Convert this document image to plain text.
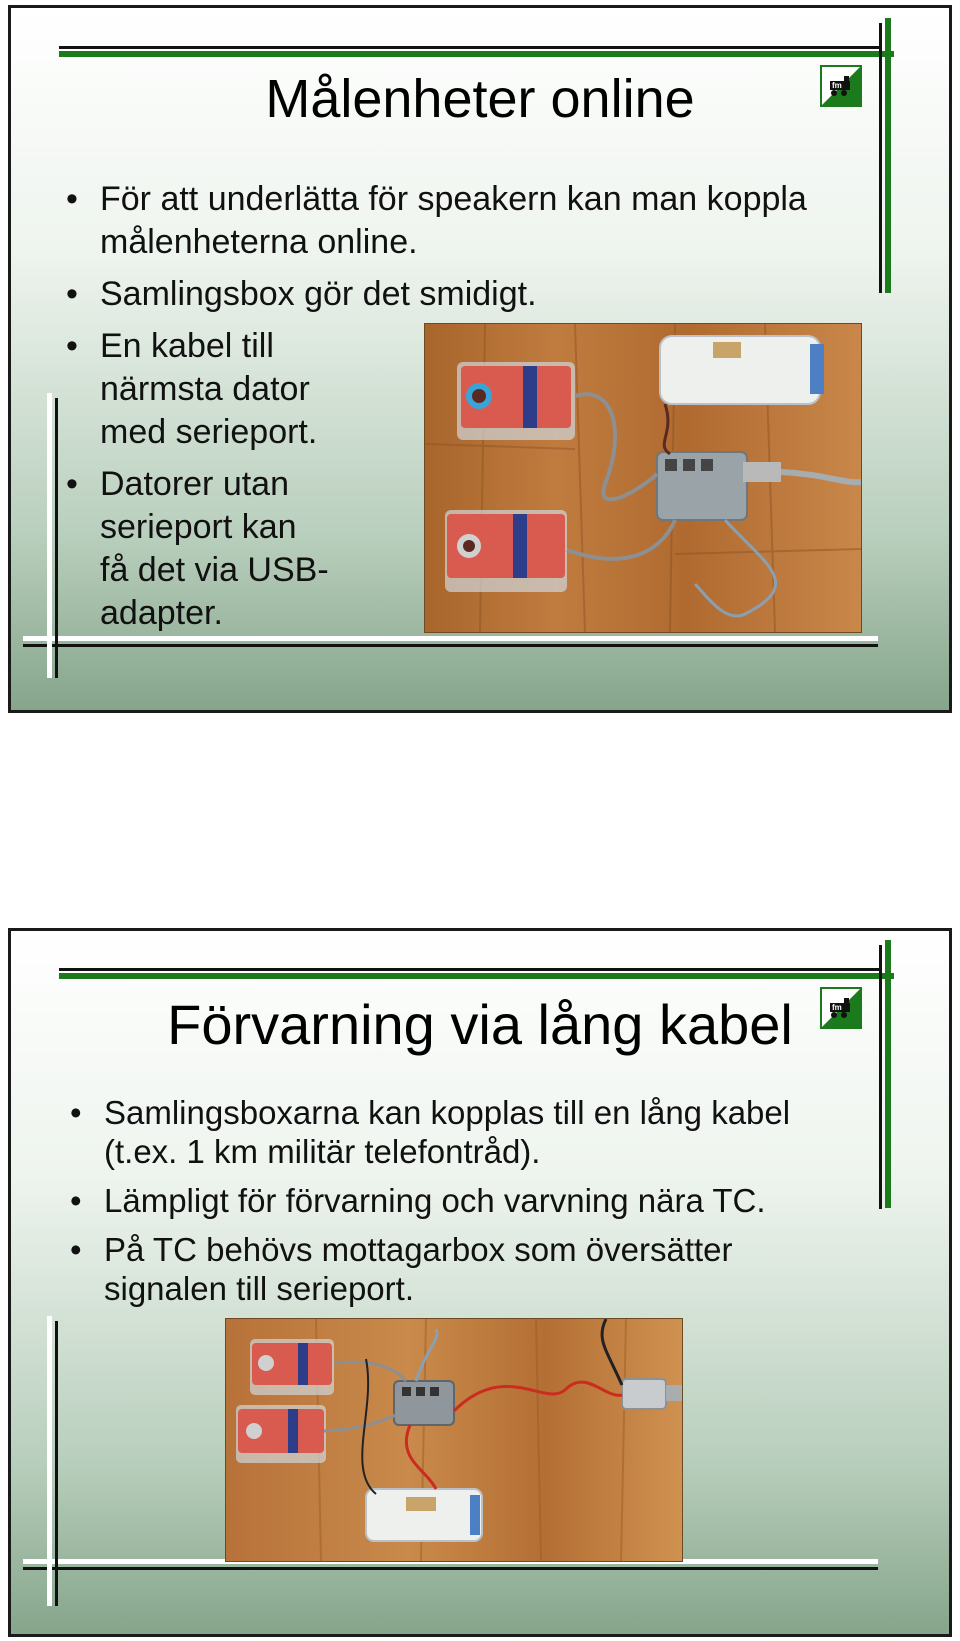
fm
Målenheter online
• För att underlätta för speakern kan man koppla målenheterna online.
• Samlingsbox gör det smidigt.
• En kabel till närmsta dator med serieport.
• Datorer utan serieport kan få det via USB-adapter.
fm
Förvarning via lång kabel
• Samlingsboxarna kan kopplas till en lång kabel (t.ex. 1 km militär telefontråd).
• Lämpligt för förvarning och varvning nära TC.
• På TC behövs mottagarbox som översätter signalen till serieport.
